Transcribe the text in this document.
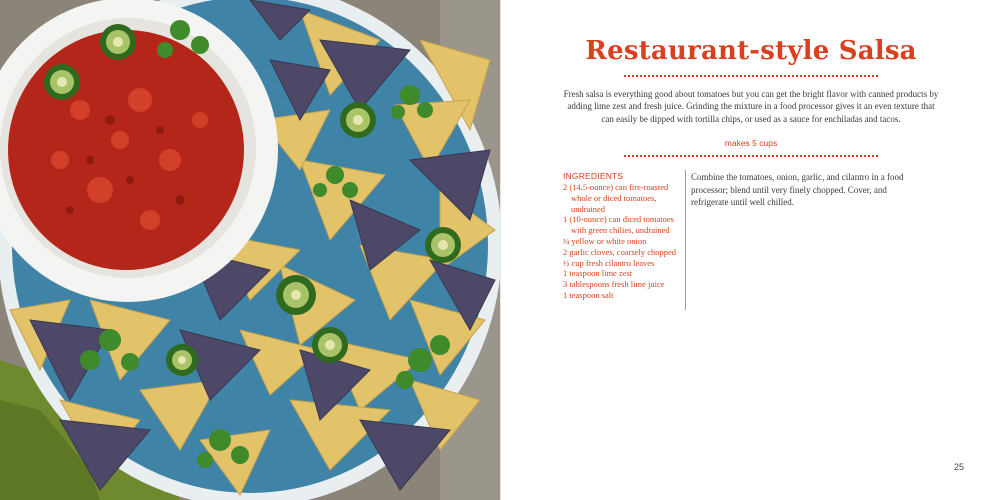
Restaurant-style Salsa

Fresh salsa is everything good about tomatoes but you can get the bright flavor with canned products by adding lime zest and fresh juice. Grinding the mixture in a food processor gives it an even texture that can easily be dipped with tortilla chips, or used as a sauce for enchiladas and tacos.

makes 5 cups
INGREDIENTS
2 (14.5-ounce) can fire-roasted whole or diced tomatoes, undrained
1 (10-ounce) can diced tomatoes with green chilies, undrained
¼ yellow or white onion
2 garlic cloves, coarsely chopped
½ cup fresh cilantro leaves
1 teaspoon lime zest
3 tablespoons fresh lime juice
1 teaspoon salt

Combine the tomatoes, onion, garlic, and cilantro in a food processor; blend until very finely chopped. Cover, and refrigerate until well chilled.

25
